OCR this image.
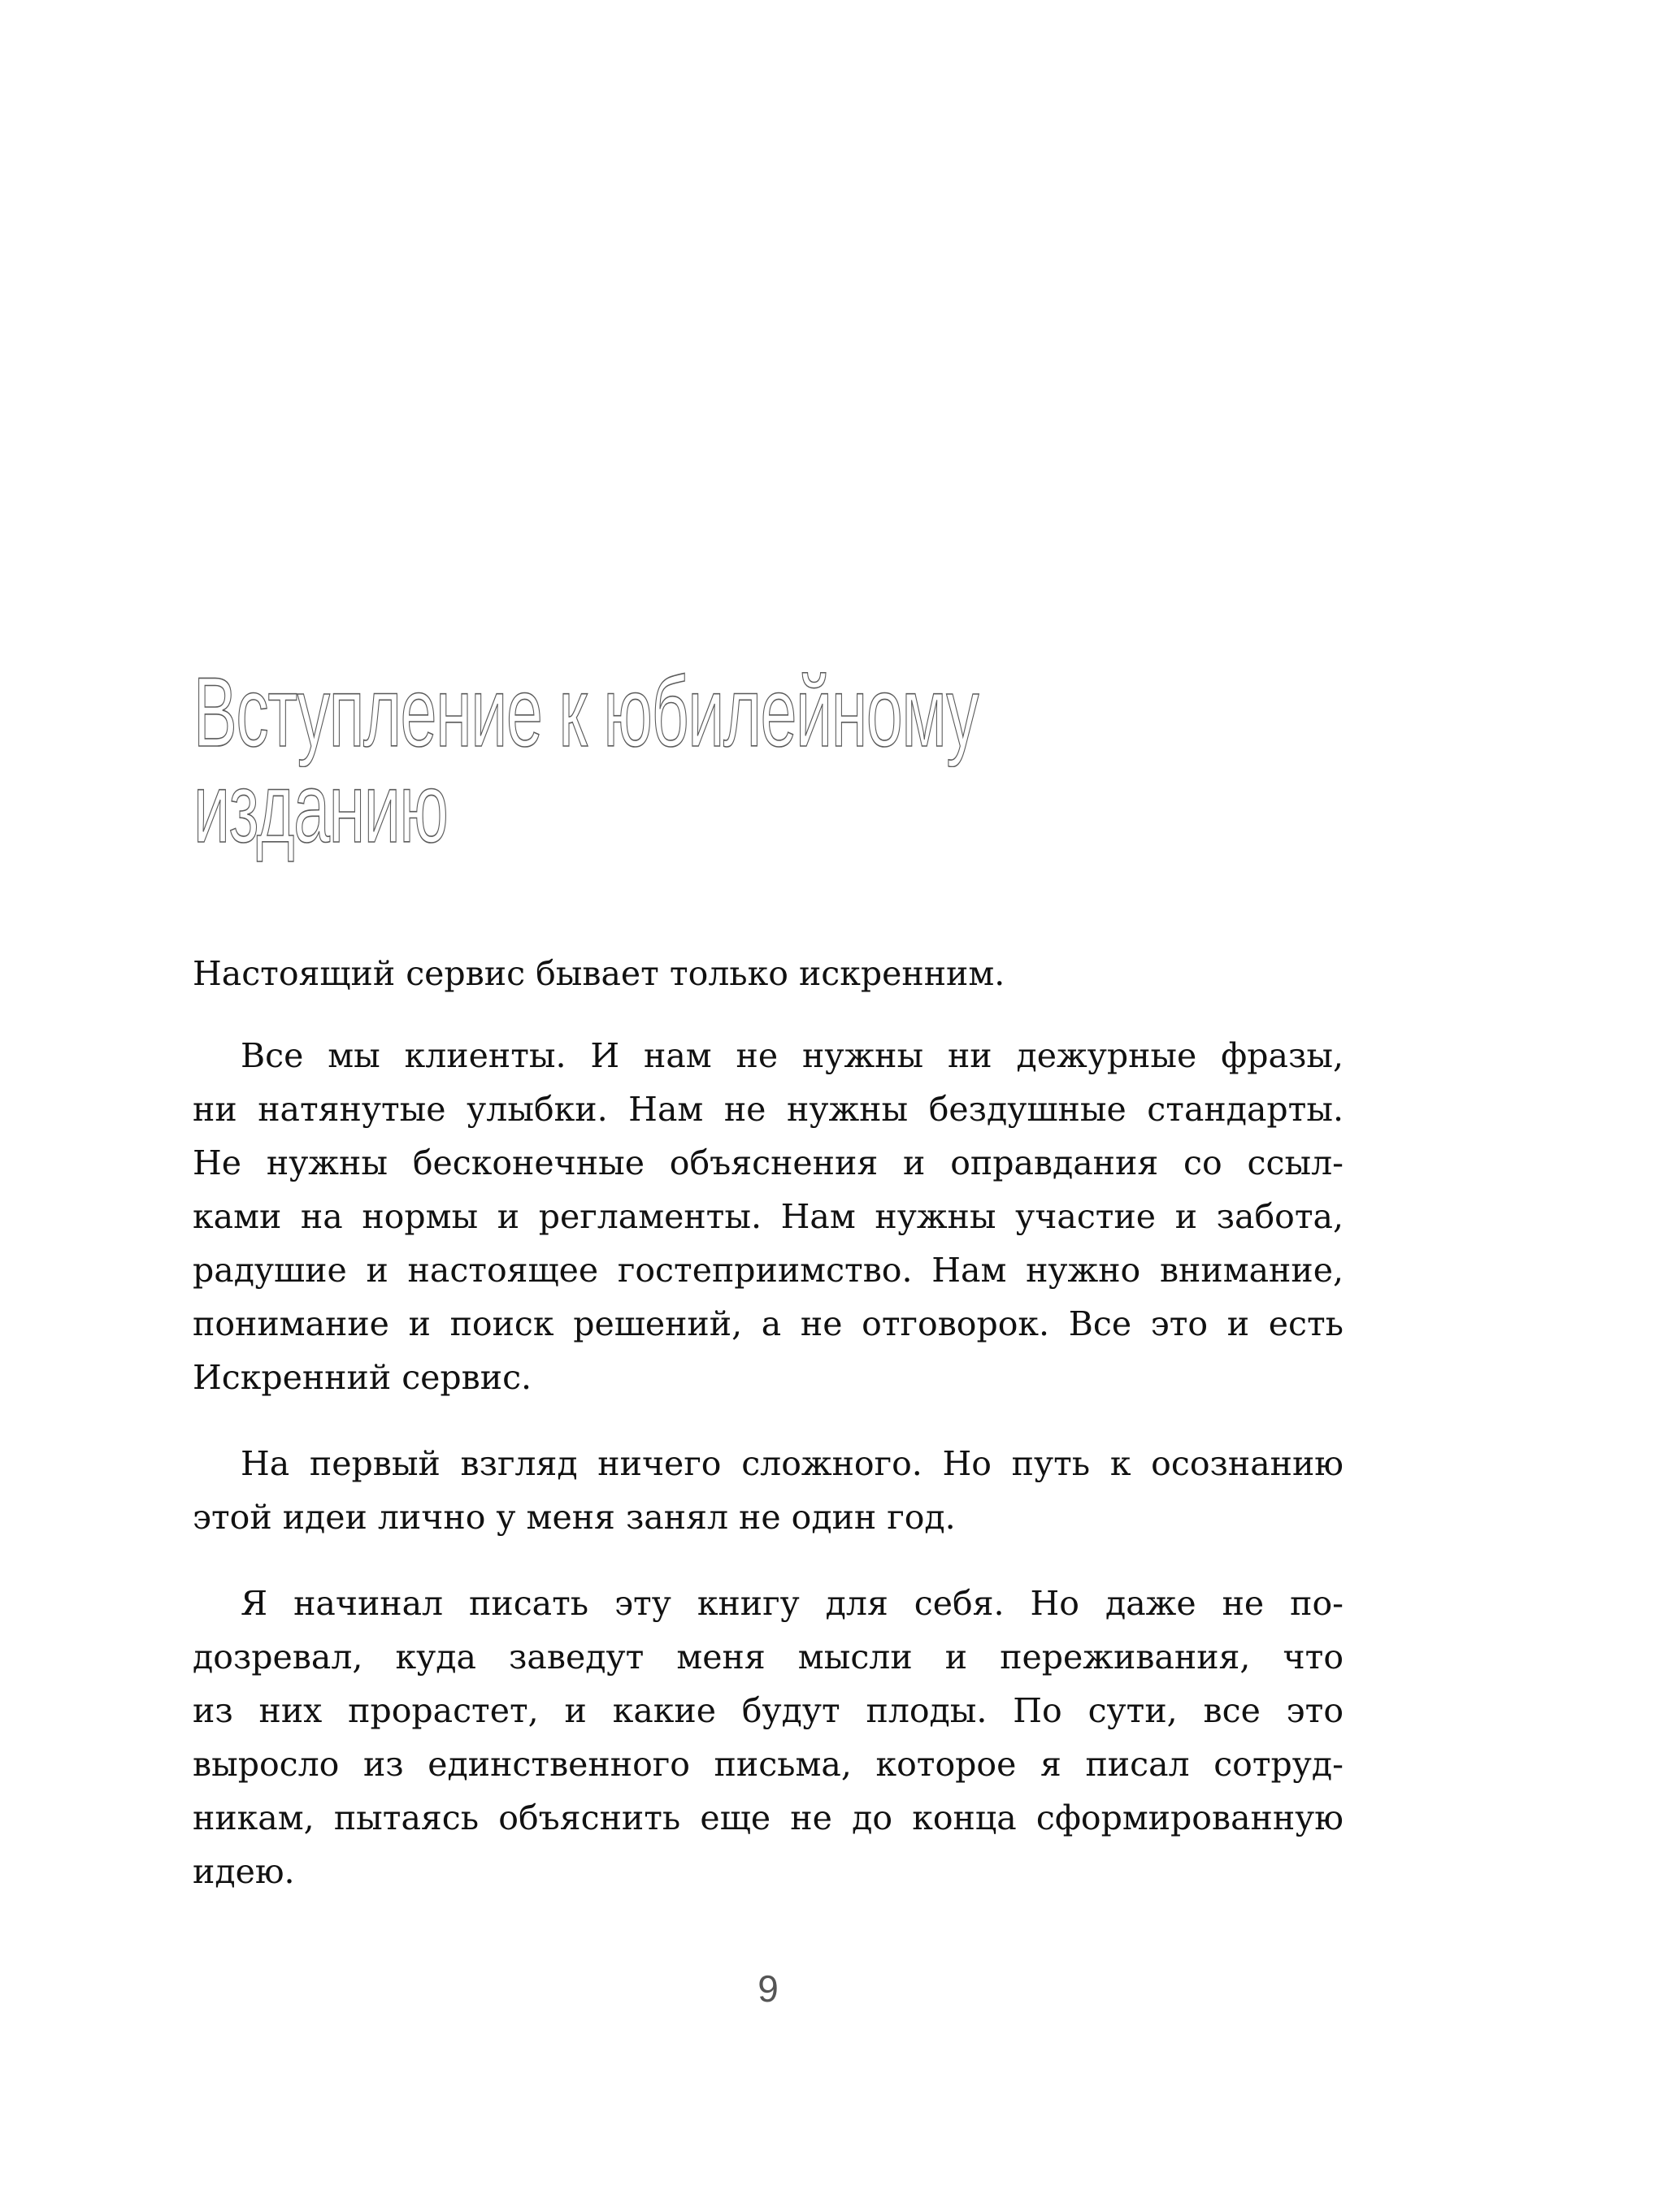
Вступление к юбилейному
изданию
Настоящий сервис бывает только искренним.
Все мы клиенты. И нам не нужны ни дежурные фразы,
ни натянутые улыбки. Нам не нужны бездушные стандарты.
Не нужны бесконечные объяснения и оправдания со ссыл-
ками на нормы и регламенты. Нам нужны участие и забота,
радушие и настоящее гостеприимство. Нам нужно внимание,
понимание и поиск решений, а не отговорок. Все это и есть
Искренний сервис.
На первый взгляд ничего сложного. Но путь к осознанию
этой идеи лично у меня занял не один год.
Я начинал писать эту книгу для себя. Но даже не по-
дозревал, куда заведут меня мысли и переживания, что
из них прорастет, и какие будут плоды. По сути, все это
выросло из единственного письма, которое я писал сотруд-
никам, пытаясь объяснить еще не до конца сформированную
идею.
9
